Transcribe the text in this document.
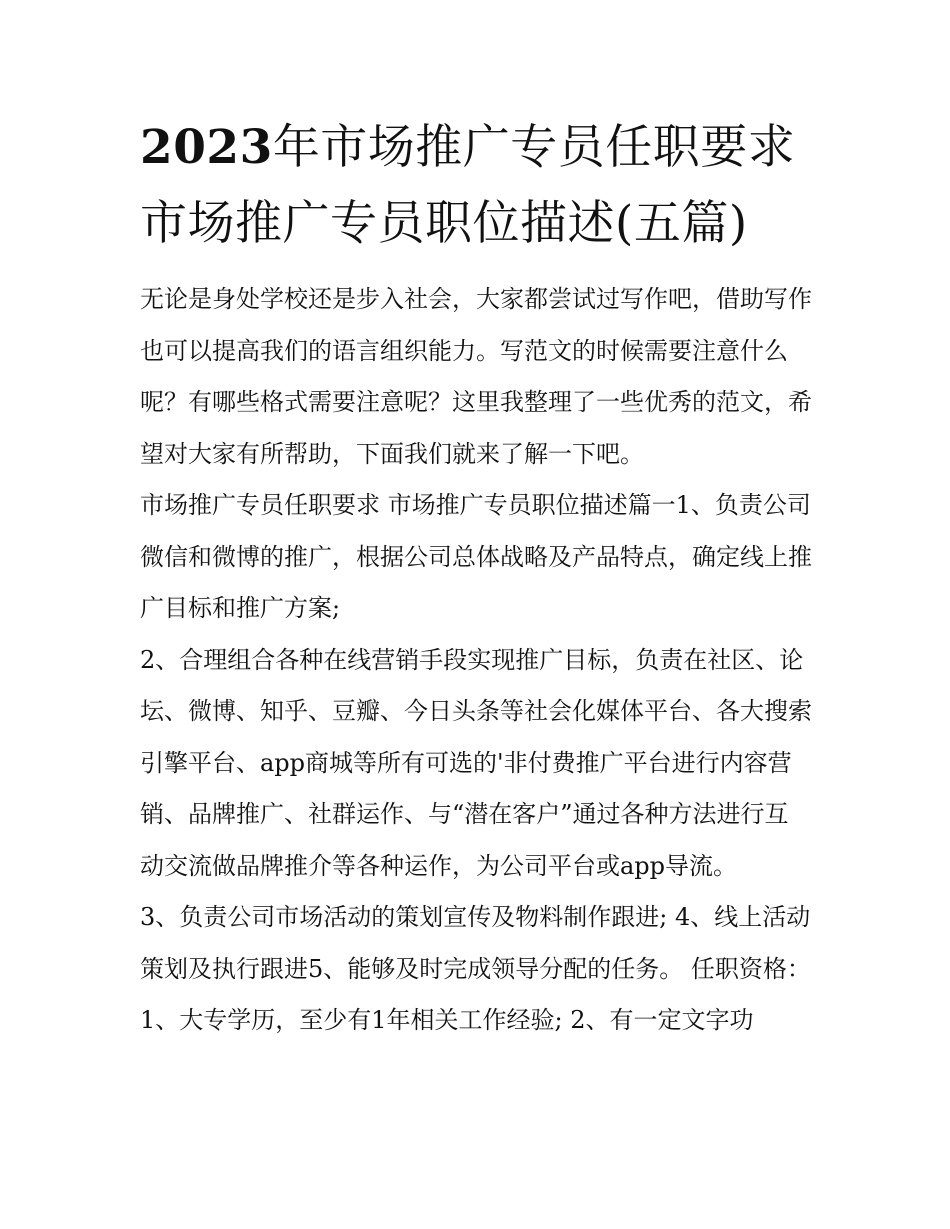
2023年市场推广专员任职要求
市场推广专员职位描述(五篇)

无论是身处学校还是步入社会，大家都尝试过写作吧，借助写作也可以提高我们的语言组织能力。写范文的时候需要注意什么呢？有哪些格式需要注意呢？这里我整理了一些优秀的范文，希望对大家有所帮助，下面我们就来了解一下吧。

市场推广专员任职要求 市场推广专员职位描述篇一1、负责公司微信和微博的推广，根据公司总体战略及产品特点，确定线上推广目标和推广方案;

2、合理组合各种在线营销手段实现推广目标，负责在社区、论坛、微博、知乎、豆瓣、今日头条等社会化媒体平台、各大搜索引擎平台、app商城等所有可选的'非付费推广平台进行内容营销、品牌推广、社群运作、与“潜在客户”通过各种方法进行互动交流做品牌推介等各种运作，为公司平台或app导流。

3、负责公司市场活动的策划宣传及物料制作跟进; 4、线上活动策划及执行跟进5、能够及时完成领导分配的任务。 任职资格：

1、大专学历，至少有1年相关工作经验; 2、有一定文字功
